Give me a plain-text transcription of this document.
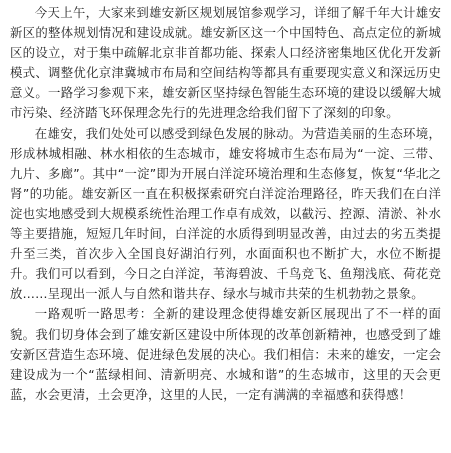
今天上午，大家来到雄安新区规划展馆参观学习，详细了解千年大计雄安新区的整体规划情况和建设成就。雄安新区这一个中国特色、高点定位的新城区的设立，对于集中疏解北京非首都功能、探索人口经济密集地区优化开发新模式、调整优化京津冀城市布局和空间结构等都具有重要现实意义和深远历史意义。一路学习参观下来，雄安新区坚持绿色智能生态环境的建设以缓解大城市污染、经济踏飞环保理念先行的先进理念给我们留下了深刻的印象。

在雄安，我们处处可以感受到绿色发展的脉动。为营造美丽的生态环境，形成林城相融、林水相依的生态城市，雄安将城市生态布局为“一淀、三带、九片、多廊”。其中“一淀”即为开展白洋淀环境治理和生态修复，恢复“华北之肾”的功能。雄安新区一直在积极探索研究白洋淀治理路径，昨天我们在白洋淀也实地感受到大规模系统性治理工作卓有成效，以截污、控源、清淤、补水等主要措施，短短几年时间，白洋淀的水质得到明显改善，由过去的劣五类提升至三类，首次步入全国良好湖泊行列，水面面积也不断扩大，水位不断提升。我们可以看到，今日之白洋淀，苇海碧波、千鸟竞飞、鱼翔浅底、荷花竞放……呈现出一派人与自然和谐共存、绿水与城市共荣的生机勃勃之景象。

一路观听一路思考：全新的建设理念使得雄安新区展现出了不一样的面貌。我们切身体会到了雄安新区建设中所体现的改革创新精神，也感受到了雄安新区营造生态环境、促进绿色发展的决心。我们相信：未来的雄安，一定会建设成为一个“蓝绿相间、清新明亮、水城和谐”的生态城市，这里的天会更蓝，水会更清，土会更净，这里的人民，一定有满满的幸福感和获得感！
